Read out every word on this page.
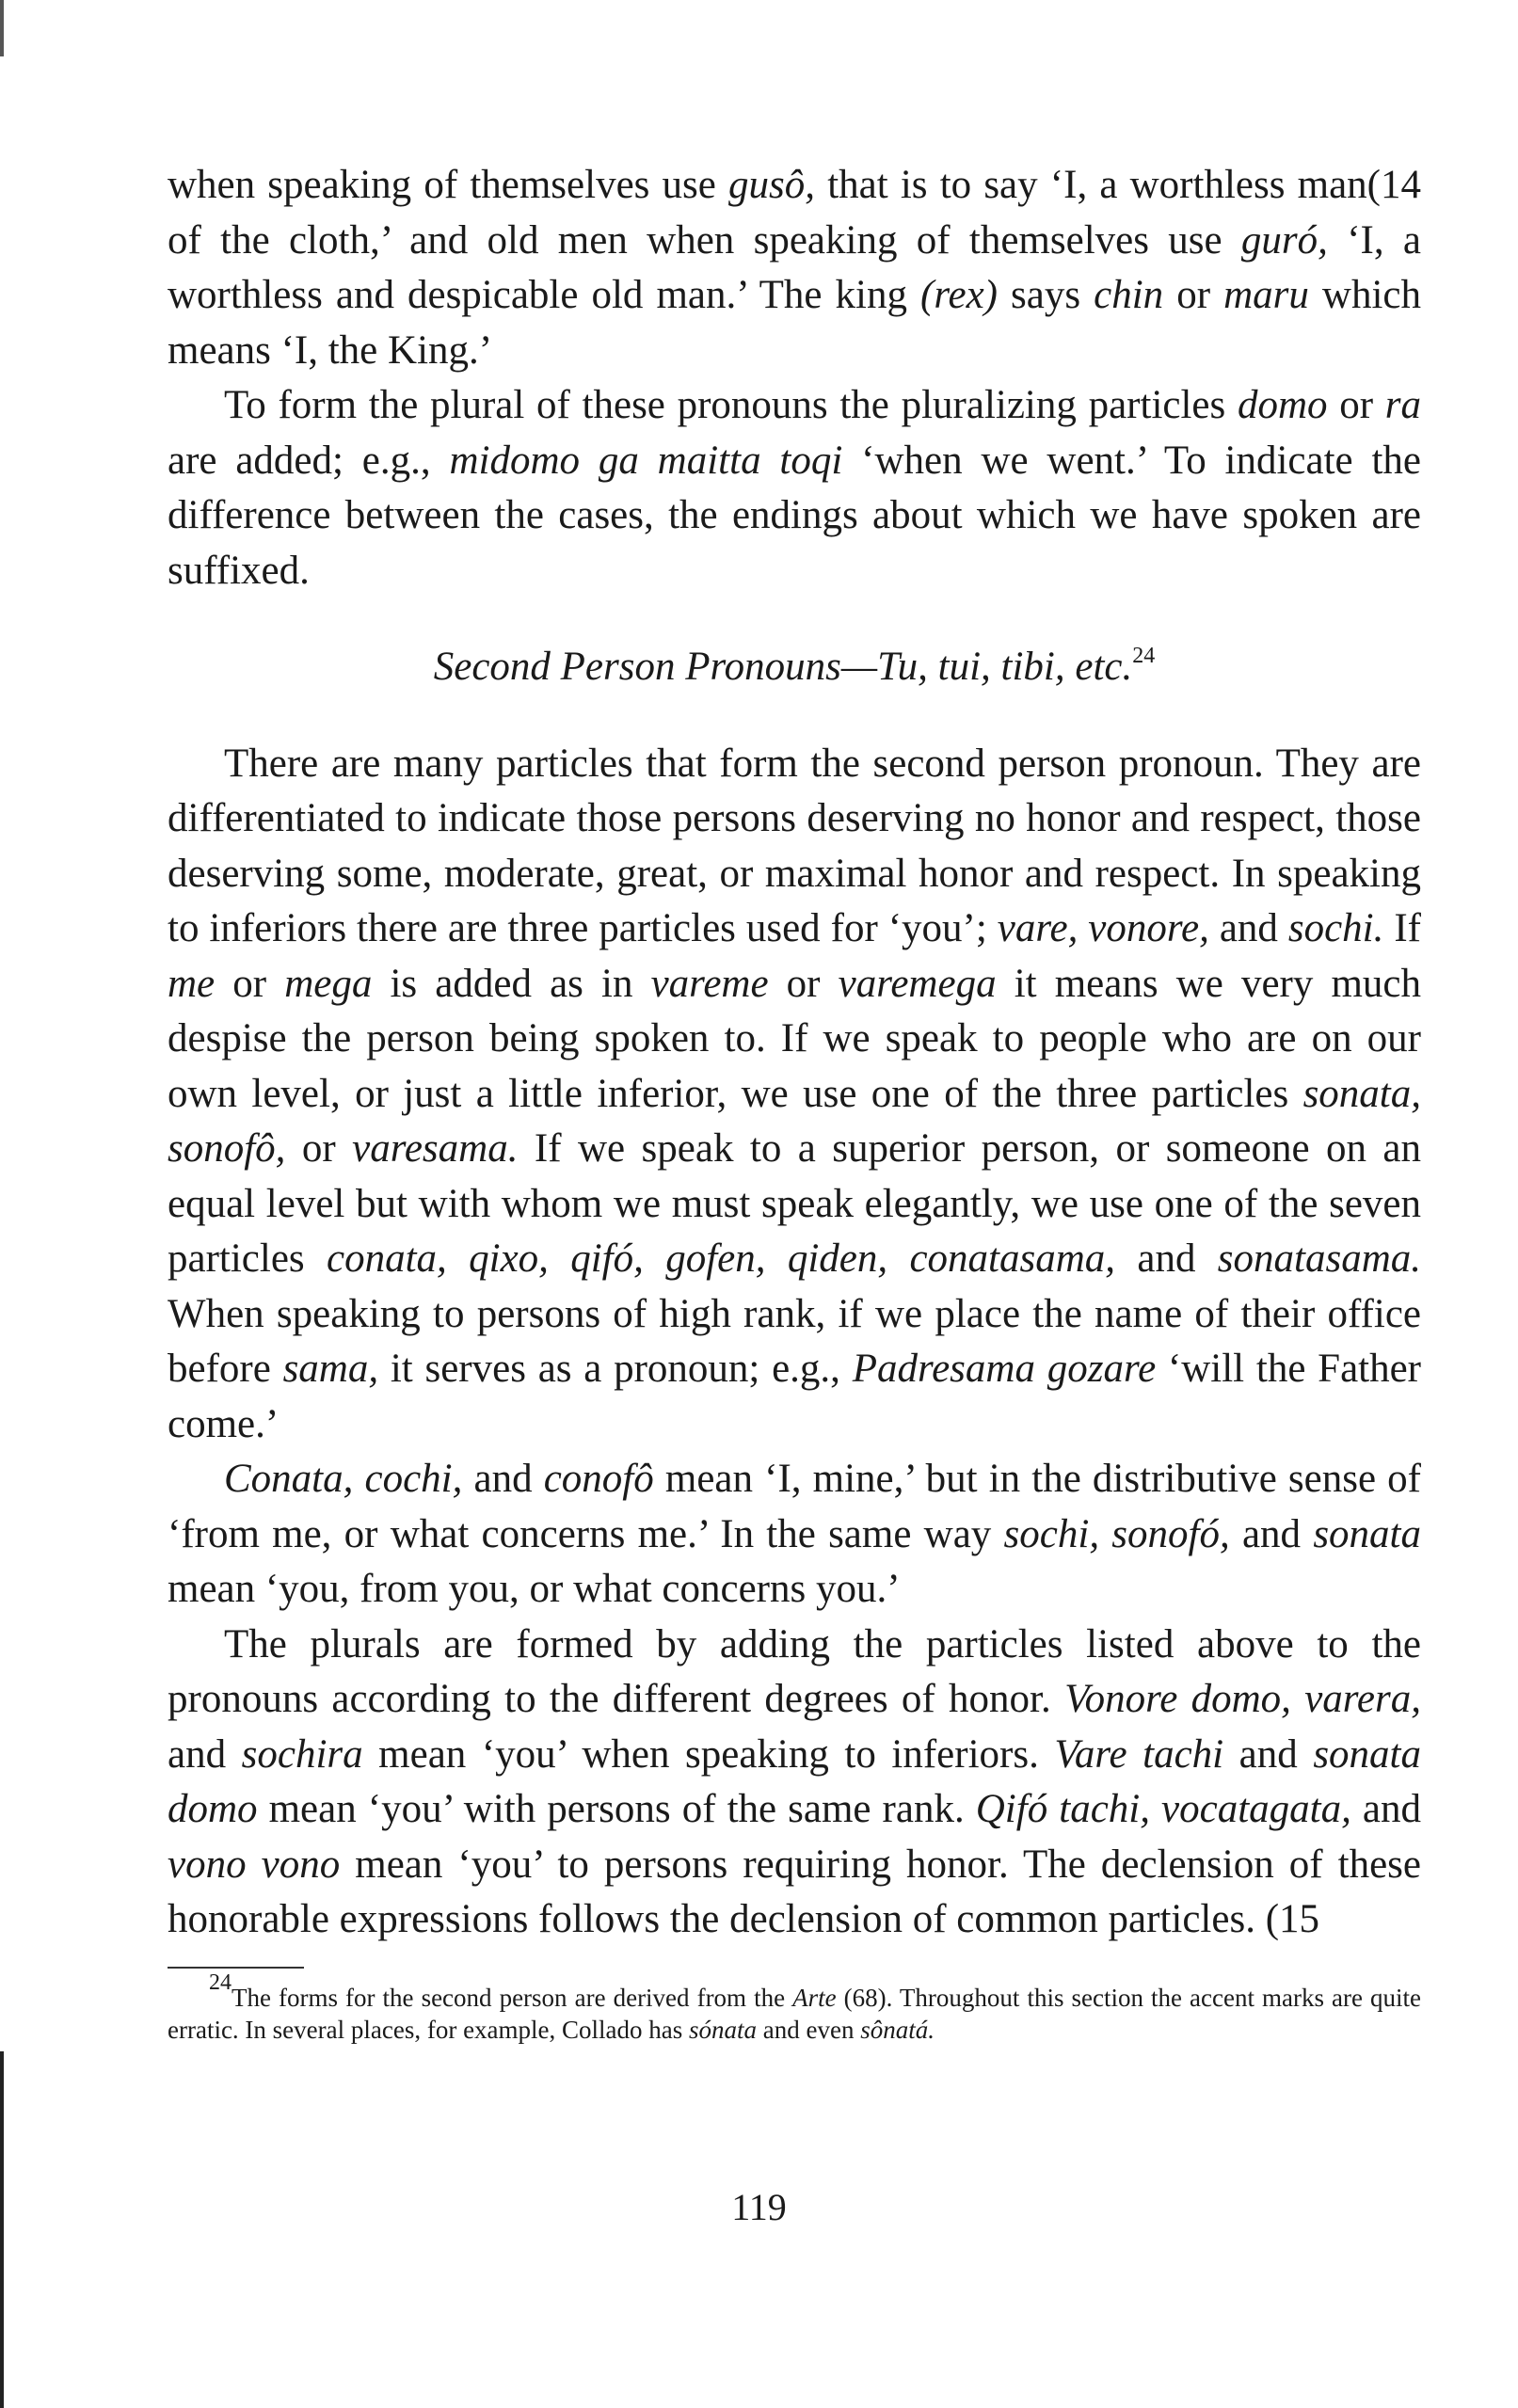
(14
when speaking of themselves use gusô, that is to say ‘I, a worthless man of the cloth,’ and old men when speaking of themselves use guró, ‘I, a worthless and despicable old man.’ The king (rex) says chin or maru which means ‘I, the King.’

To form the plural of these pronouns the pluralizing particles domo or ra are added; e.g., midomo ga maitta toqi ‘when we went.’ To indicate the difference between the cases, the endings about which we have spoken are suffixed.

Second Person Pronouns—Tu, tui, tibi, etc.$^{24}$

There are many particles that form the second person pronoun. They are differentiated to indicate those persons deserving no honor and respect, those deserving some, moderate, great, or maximal honor and respect. In speaking to inferiors there are three particles used for ‘you’; vare, vonore, and sochi. If me or mega is added as in vareme or varemega it means we very much despise the person being spoken to. If we speak to people who are on our own level, or just a little inferior, we use one of the three particles sonata, sonofô, or varesama. If we speak to a superior person, or someone on an equal level but with whom we must speak elegantly, we use one of the seven particles conata, qixo, qifó, gofen, qiden, conatasama, and sonatasama. When speaking to persons of high rank, if we place the name of their office before sama, it serves as a pronoun; e.g., Padresama gozare ‘will the Father come.’

Conata, cochi, and conofô mean ‘I, mine,’ but in the distributive sense of ‘from me, or what concerns me.’ In the same way sochi, sonofó, and sonata mean ‘you, from you, or what concerns you.’

The plurals are formed by adding the particles listed above to the pronouns according to the different degrees of honor. Vonore domo, varera, and sochira mean ‘you’ when speaking to inferiors. Vare tachi and sonata domo mean ‘you’ with persons of the same rank. Qifó tachi, vocatagata, and vono vono mean ‘you’ to persons requiring honor. The declension of these honorable expressions follows the declension of common particles. (15

$^{24}$The forms for the second person are derived from the Arte (68). Throughout this section the accent marks are quite erratic. In several places, for example, Collado has sónata and even sônatá.

119
